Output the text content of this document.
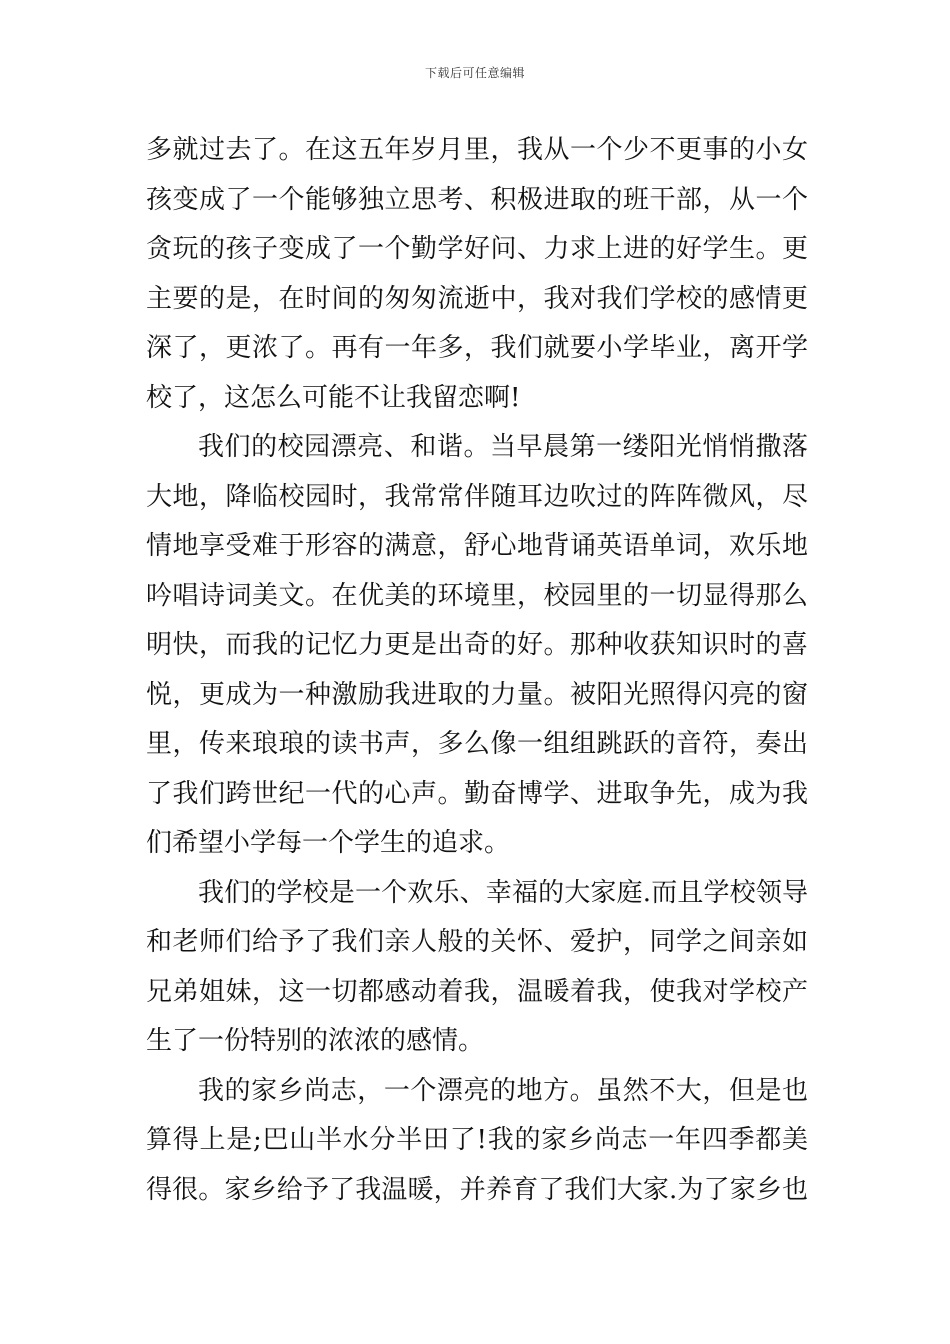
下载后可任意编辑
多就过去了。在这五年岁月里，我从一个少不更事的小女
孩变成了一个能够独立思考、积极进取的班干部，从一个
贪玩的孩子变成了一个勤学好问、力求上进的好学生。更
主要的是，在时间的匆匆流逝中，我对我们学校的感情更
深了，更浓了。再有一年多，我们就要小学毕业，离开学
校了，这怎么可能不让我留恋啊!
我们的校园漂亮、和谐。当早晨第一缕阳光悄悄撒落
大地，降临校园时，我常常伴随耳边吹过的阵阵微风，尽
情地享受难于形容的满意，舒心地背诵英语单词，欢乐地
吟唱诗词美文。在优美的环境里，校园里的一切显得那么
明快，而我的记忆力更是出奇的好。那种收获知识时的喜
悦，更成为一种激励我进取的力量。被阳光照得闪亮的窗
里，传来琅琅的读书声，多么像一组组跳跃的音符，奏出
了我们跨世纪一代的心声。勤奋博学、进取争先，成为我
们希望小学每一个学生的追求。
我们的学校是一个欢乐、幸福的大家庭.而且学校领导
和老师们给予了我们亲人般的关怀、爱护，同学之间亲如
兄弟姐妹，这一切都感动着我，温暖着我，使我对学校产
生了一份特别的浓浓的感情。
我的家乡尚志，一个漂亮的地方。虽然不大，但是也
算得上是;巴山半水分半田了!我的家乡尚志一年四季都美
得很。家乡给予了我温暖，并养育了我们大家.为了家乡也
